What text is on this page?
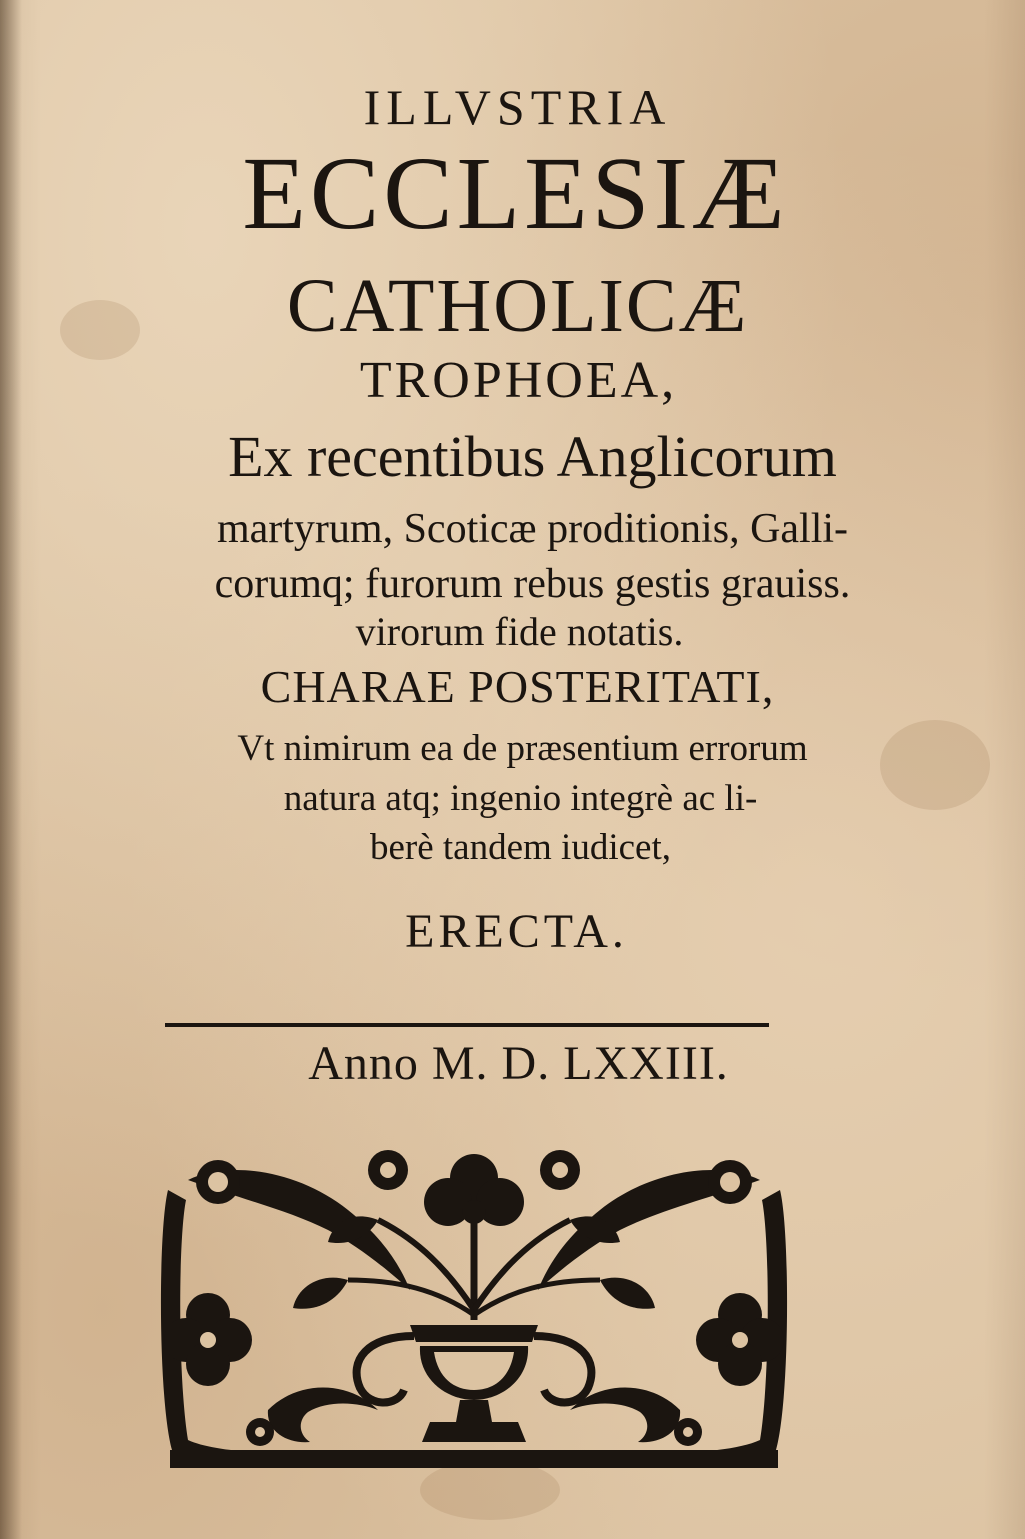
ILLVSTRIA

ECCLESIÆ

CATHOLICÆ

TROPHOEA,

Ex recentibus Anglicorum

martyrum, Scoticæ proditionis, Galli-

corumq; furorum rebus gestis grauiss.

virorum fide notatis.

CHARAE POSTERITATI,

Vt nimirum ea de præsentium errorum

natura atq; ingenio integrè ac li-

berè tandem iudicet,

ERECTA.

Anno M. D. LXXIII.
